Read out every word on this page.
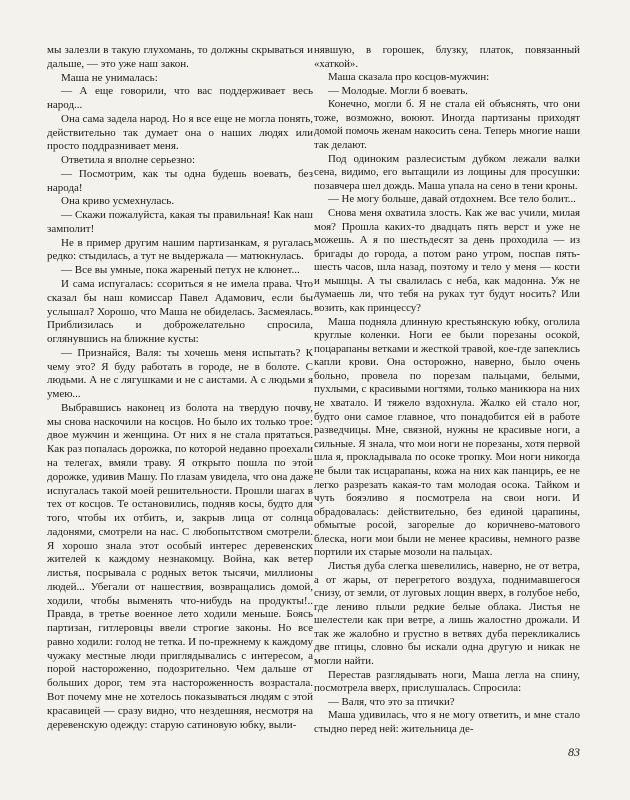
мы залезли в такую глухомань, то должны скрываться и дальше, — это уже наш закон.

Маша не унималась:

— А еще говорили, что вас поддерживает весь народ...

Она сама задела народ. Но я все еще не могла понять, действительно так думает она о наших людях или просто поддразнивает меня.

Ответила я вполне серьезно:

— Посмотрим, как ты одна будешь воевать, без народа!

Она криво усмехнулась.

— Скажи пожалуйста, какая ты правильная! Как наш замполит!

Не в пример другим нашим партизанкам, я ругалась редко: стыдилась, а тут не выдержала — матюкнулась.

— Все вы умные, пока жареный петух не клюнет...

И сама испугалась: ссориться я не имела права. Что сказал бы наш комиссар Павел Адамович, если бы услышал? Хорошо, что Маша не обиделась. Засмеялась. Приблизилась и доброжелательно спросила, оглянувшись на ближние кусты:

— Признайся, Валя: ты хочешь меня испытать? К чему это? Я буду работать в городе, не в болоте. С людьми. А не с лягушками и не с аистами. А с людьми я умею...

Выбравшись наконец из болота на твердую почву, мы снова наскочили на косцов. Но было их только трое: двое мужчин и женщина. От них я не стала прятаться. Как раз попалась дорожка, по которой недавно проехали на телегах, вмяли траву. Я открыто пошла по этой дорожке, удивив Машу. По глазам увидела, что она даже испугалась такой моей решительности. Прошли шагах в тех от косцов. Те остановились, подняв косы, будто для того, чтобы их отбить, и, закрыв лица от солнца ладонями, смотрели на нас. С любопытством смотрели. Я хорошо знала этот особый интерес деревенских жителей к каждому незнакомцу. Война, как ветер листья, посрывала с родных веток тысячи, миллионы людей... Убегали от нашествия, возвращались домой, ходили, чтобы выменять что-нибудь на продукты!.. Правда, в третье военное лето ходили меньше. Боясь партизан, гитлеровцы ввели строгие законы. Но все равно ходили: голод не тетка. И по-прежнему к каждому чужаку местные люди приглядывались с интересом, а порой настороженно, подозрительно. Чем дальше от больших дорог, тем эта настороженность возрастала. Вот почему мне не хотелось показываться людям с этой красавицей — сразу видно, что нездешняя, несмотря на деревенскую одежду: старую сатиновую юбку, выли-

нявшую, в горошек, блузку, платок, повязанный «хаткой».

Маша сказала про косцов-мужчин:

— Молодые. Могли б воевать.

Конечно, могли б. Я не стала ей объяснять, что они тоже, возможно, воюют. Иногда партизаны приходят домой помочь женам накосить сена. Теперь многие наши так делают.

Под одиноким разлесистым дубком лежали валки сена, видимо, его вытащили из лощины для просушки: позавчера шел дождь. Маша упала на сено в тени кроны.

— Не могу больше, давай отдохнем. Все тело болит...

Снова меня охватила злость. Как же вас учили, милая моя? Прошла каких-то двадцать пять верст и уже не можешь. А я по шестьдесят за день проходила — из бригады до города, а потом рано утром, поспав пять-шесть часов, шла назад, поэтому и тело у меня — кости и мышцы. А ты свалилась с неба, как мадонна. Уж не думаешь ли, что тебя на руках тут будут носить? Или возить, как принцессу?

Маша подняла длинную крестьянскую юбку, оголила круглые коленки. Ноги ее были порезаны осокой, поцарапаны ветками и жесткой травой, кое-где запеклись капли крови. Она осторожно, наверно, было очень больно, провела по порезам пальцами, белыми, пухлыми, с красивыми ногтями, только маникюра на них не хватало. И тяжело вздохнула. Жалко ей стало ног, будто они самое главное, что понадобится ей в работе разведчицы. Мне, связной, нужны не красивые ноги, а сильные. Я знала, что мои ноги не порезаны, хотя первой шла я, прокладывала по осоке тропку. Мои ноги никогда не были так исцарапаны, кожа на них как панцирь, ее не легко разрезать какая-то там молодая осока. Тайком и чуть бояэливо я посмотрела на свои ноги. И обрадовалась: действительно, без единой царапины, обмытые росой, загорелые до коричнево-матового блеска, ноги мои были не менее красивы, немного разве портили их старые мозоли на пальцах.

Листья дуба слегка шевелились, наверно, не от ветра, а от жары, от перегретого воздуха, поднимавшегося снизу, от земли, от луговых лощин вверх, в голубое небо, где лениво плыли редкие белые облака. Листья не шелестели как при ветре, а лишь жалостно дрожали. И так же жалобно и грустно в ветвях дуба перекликались две птицы, словно бы искали одна другую и никак не могли найти.

Перестав разглядывать ноги, Маша легла на спину, посмотрела вверх, прислушалась. Спросила:

— Валя, что это за птички?

Маша удивилась, что я не могу ответить, и мне стало стыдно перед ней: жительница де-

83
